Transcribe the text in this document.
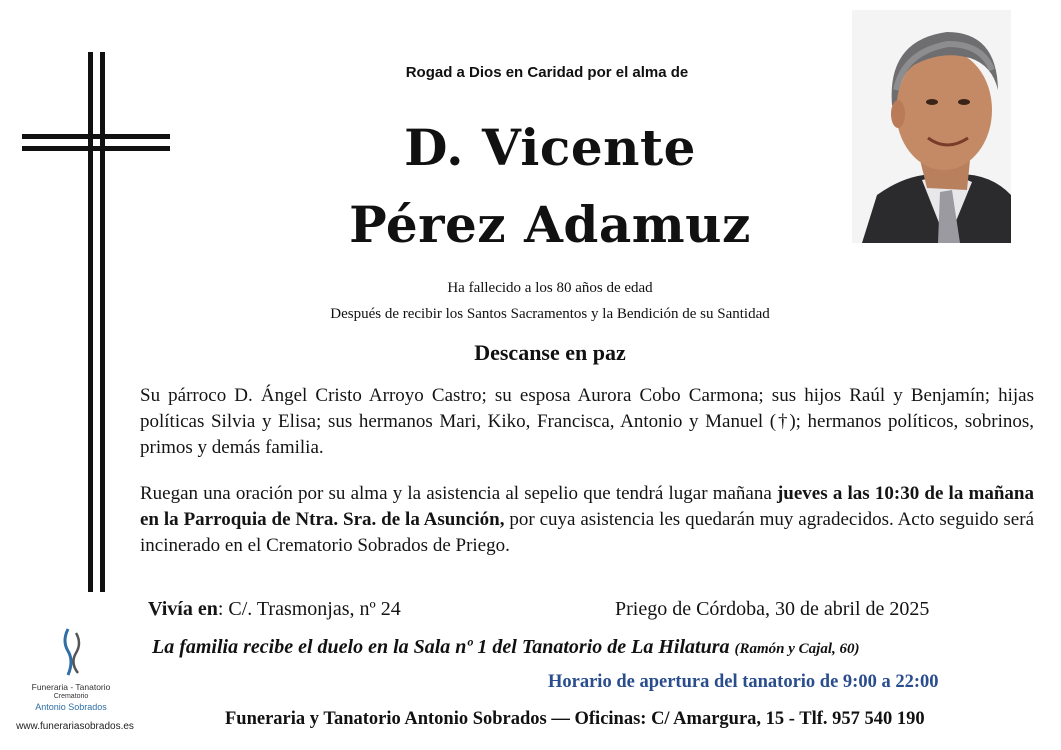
Rogad a Dios en Caridad por el alma de
D. Vicente
Pérez Adamuz
Ha fallecido a los 80 años de edad
Después de recibir los Santos Sacramentos y la Bendición de su Santidad
Descanse en paz
Su párroco D. Ángel Cristo Arroyo Castro; su esposa Aurora Cobo Carmona; sus hijos Raúl y Benjamín; hijas políticas Silvia y Elisa; sus hermanos Mari, Kiko, Francisca, Antonio y Manuel (†); hermanos políticos, sobrinos, primos y demás familia.
Ruegan una oración por su alma y la asistencia al sepelio que tendrá lugar mañana jueves a las 10:30 de la mañana en la Parroquia de Ntra. Sra. de la Asunción, por cuya asistencia les quedarán muy agradecidos. Acto seguido será incinerado en el Crematorio Sobrados de Priego.
Vivía en: C/. Trasmonjas, nº 24	Priego de Córdoba, 30 de abril de 2025
La familia recibe el duelo en la Sala nº 1 del Tanatorio de La Hilatura (Ramón y Cajal, 60)
Horario de apertura del tanatorio de 9:00 a 22:00
Funeraria y Tanatorio Antonio Sobrados — Oficinas: C/ Amargura, 15 - Tlf. 957 540 190
Funeraria - Tanatorio
Crematorio
Antonio Sobrados
www.funerariasobrados.es
